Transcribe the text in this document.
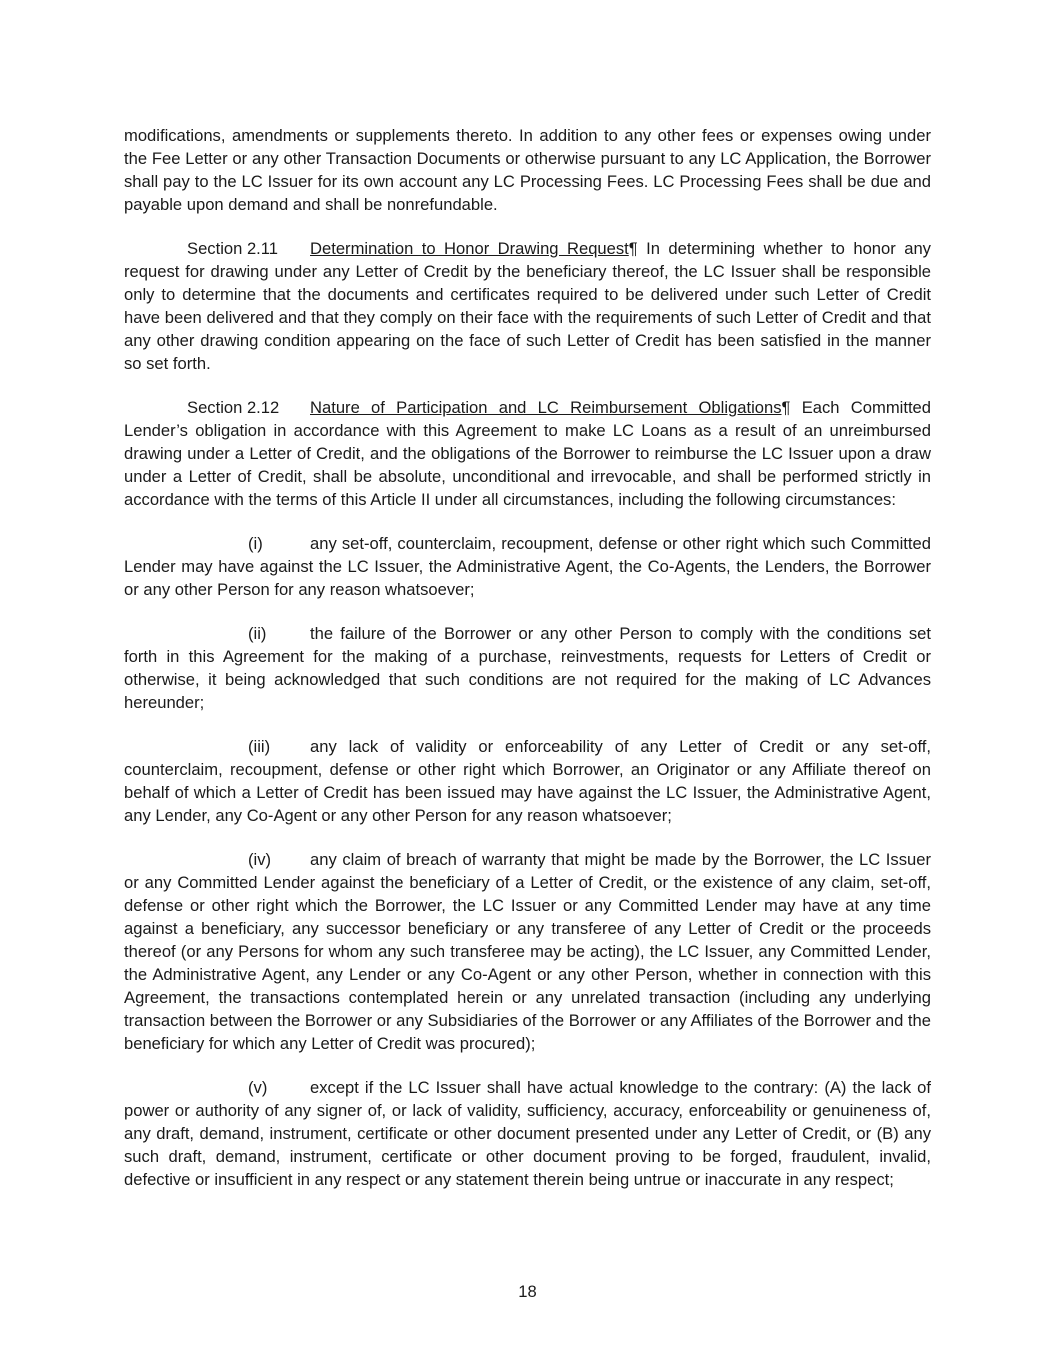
modifications, amendments or supplements thereto. In addition to any other fees or expenses owing under the Fee Letter or any other Transaction Documents or otherwise pursuant to any LC Application, the Borrower shall pay to the LC Issuer for its own account any LC Processing Fees. LC Processing Fees shall be due and payable upon demand and shall be nonrefundable.

Section 2.11 Determination to Honor Drawing Request¶ In determining whether to honor any request for drawing under any Letter of Credit by the beneficiary thereof, the LC Issuer shall be responsible only to determine that the documents and certificates required to be delivered under such Letter of Credit have been delivered and that they comply on their face with the requirements of such Letter of Credit and that any other drawing condition appearing on the face of such Letter of Credit has been satisfied in the manner so set forth.

Section 2.12 Nature of Participation and LC Reimbursement Obligations¶ Each Committed Lender’s obligation in accordance with this Agreement to make LC Loans as a result of an unreimbursed drawing under a Letter of Credit, and the obligations of the Borrower to reimburse the LC Issuer upon a draw under a Letter of Credit, shall be absolute, unconditional and irrevocable, and shall be performed strictly in accordance with the terms of this Article II under all circumstances, including the following circumstances:

(i)	any set-off, counterclaim, recoupment, defense or other right which such Committed Lender may have against the LC Issuer, the Administrative Agent, the Co-Agents, the Lenders, the Borrower or any other Person for any reason whatsoever;

(ii)	the failure of the Borrower or any other Person to comply with the conditions set forth in this Agreement for the making of a purchase, reinvestments, requests for Letters of Credit or otherwise, it being acknowledged that such conditions are not required for the making of LC Advances hereunder;

(iii) any lack of validity or enforceability of any Letter of Credit or any set-off, counterclaim, recoupment, defense or other right which Borrower, an Originator or any Affiliate thereof on behalf of which a Letter of Credit has been issued may have against the LC Issuer, the Administrative Agent, any Lender, any Co-Agent or any other Person for any reason whatsoever;

(iv) any claim of breach of warranty that might be made by the Borrower, the LC Issuer or any Committed Lender against the beneficiary of a Letter of Credit, or the existence of any claim, set-off, defense or other right which the Borrower, the LC Issuer or any Committed Lender may have at any time against a beneficiary, any successor beneficiary or any transferee of any Letter of Credit or the proceeds thereof (or any Persons for whom any such transferee may be acting), the LC Issuer, any Committed Lender, the Administrative Agent, any Lender or any Co-Agent or any other Person, whether in connection with this Agreement, the transactions contemplated herein or any unrelated transaction (including any underlying transaction between the Borrower or any Subsidiaries of the Borrower or any Affiliates of the Borrower and the beneficiary for which any Letter of Credit was procured);

(v)	except if the LC Issuer shall have actual knowledge to the contrary: (A) the lack of power or authority of any signer of, or lack of validity, sufficiency, accuracy, enforceability or genuineness of, any draft, demand, instrument, certificate or other document presented under any Letter of Credit, or (B) any such draft, demand, instrument, certificate or other document proving to be forged, fraudulent, invalid, defective or insufficient in any respect or any statement therein being untrue or inaccurate in any respect;

18
